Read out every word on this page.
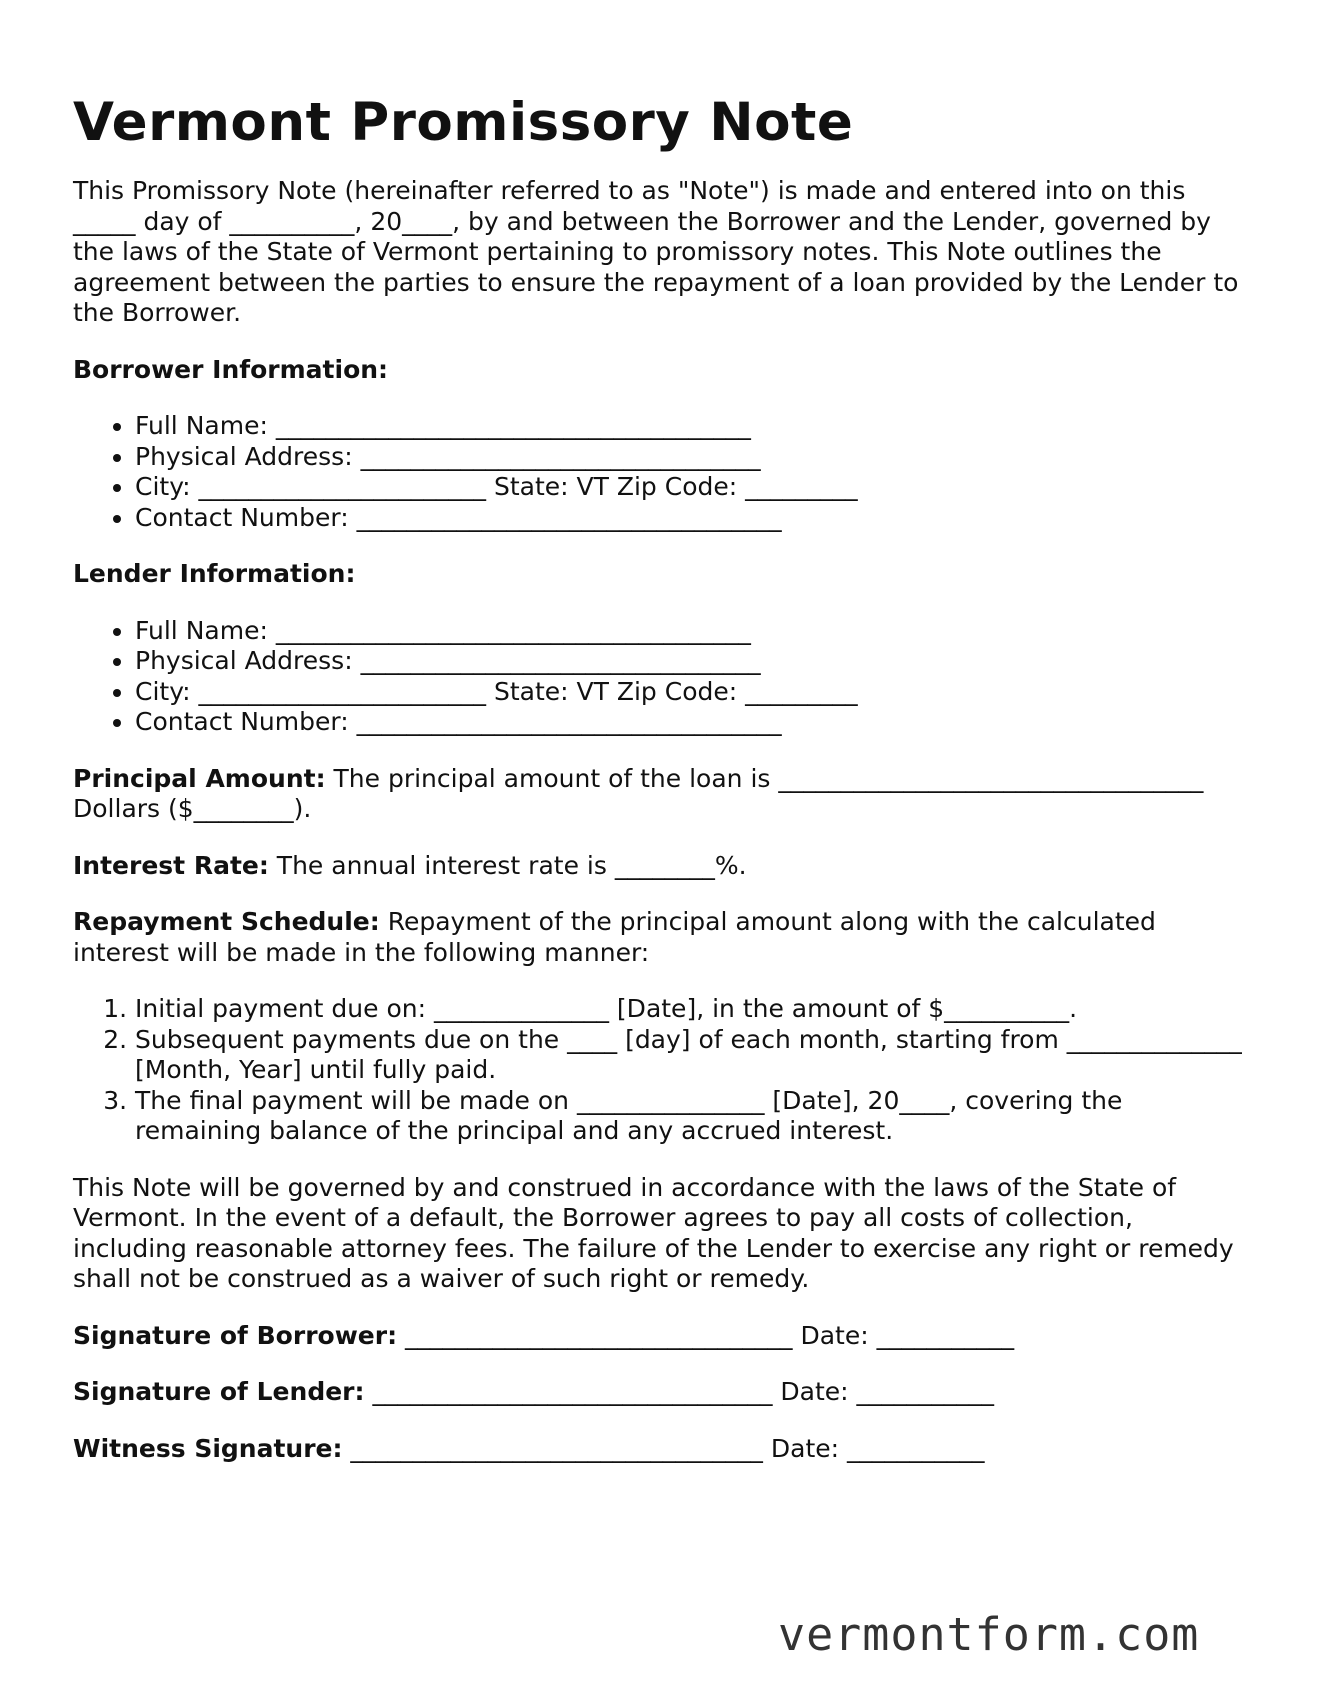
Vermont Promissory Note

This Promissory Note (hereinafter referred to as "Note") is made and entered into on this _____ day of __________, 20____, by and between the Borrower and the Lender, governed by the laws of the State of Vermont pertaining to promissory notes. This Note outlines the agreement between the parties to ensure the repayment of a loan provided by the Lender to the Borrower.

Borrower Information:

• Full Name: ______________________________________
• Physical Address: ________________________________
• City: _______________________ State: VT Zip Code: _________
• Contact Number: __________________________________

Lender Information:

• Full Name: ______________________________________
• Physical Address: ________________________________
• City: _______________________ State: VT Zip Code: _________
• Contact Number: __________________________________

Principal Amount: The principal amount of the loan is __________________________________ Dollars ($________).

Interest Rate: The annual interest rate is ________%.

Repayment Schedule: Repayment of the principal amount along with the calculated interest will be made in the following manner:

1. Initial payment due on: ______________ [Date], in the amount of $__________.
2. Subsequent payments due on the ____ [day] of each month, starting from ______________ [Month, Year] until fully paid.
3. The final payment will be made on _______________ [Date], 20____, covering the remaining balance of the principal and any accrued interest.

This Note will be governed by and construed in accordance with the laws of the State of Vermont. In the event of a default, the Borrower agrees to pay all costs of collection, including reasonable attorney fees. The failure of the Lender to exercise any right or remedy shall not be construed as a waiver of such right or remedy.

Signature of Borrower: _______________________________ Date: ___________

Signature of Lender: ________________________________ Date: ___________

Witness Signature: _________________________________ Date: ___________

vermontform.com
